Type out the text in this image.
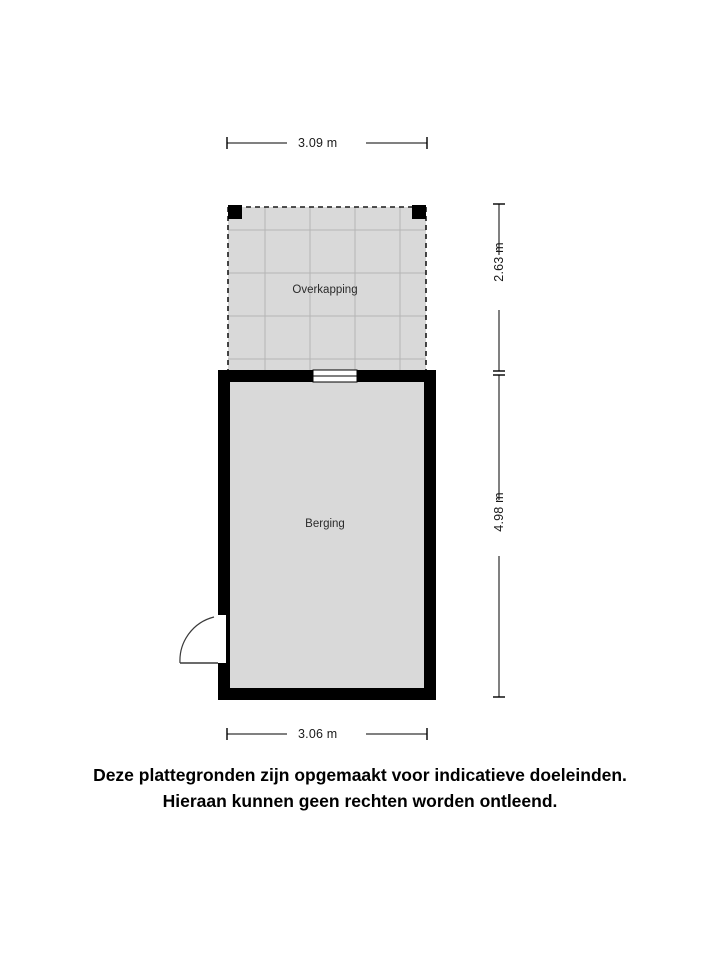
3.09 m
3.06 m
2.63 m
4.98 m
Overkapping
Berging
Deze plattegronden zijn opgemaakt voor indicatieve doeleinden.
Hieraan kunnen geen rechten worden ontleend.
